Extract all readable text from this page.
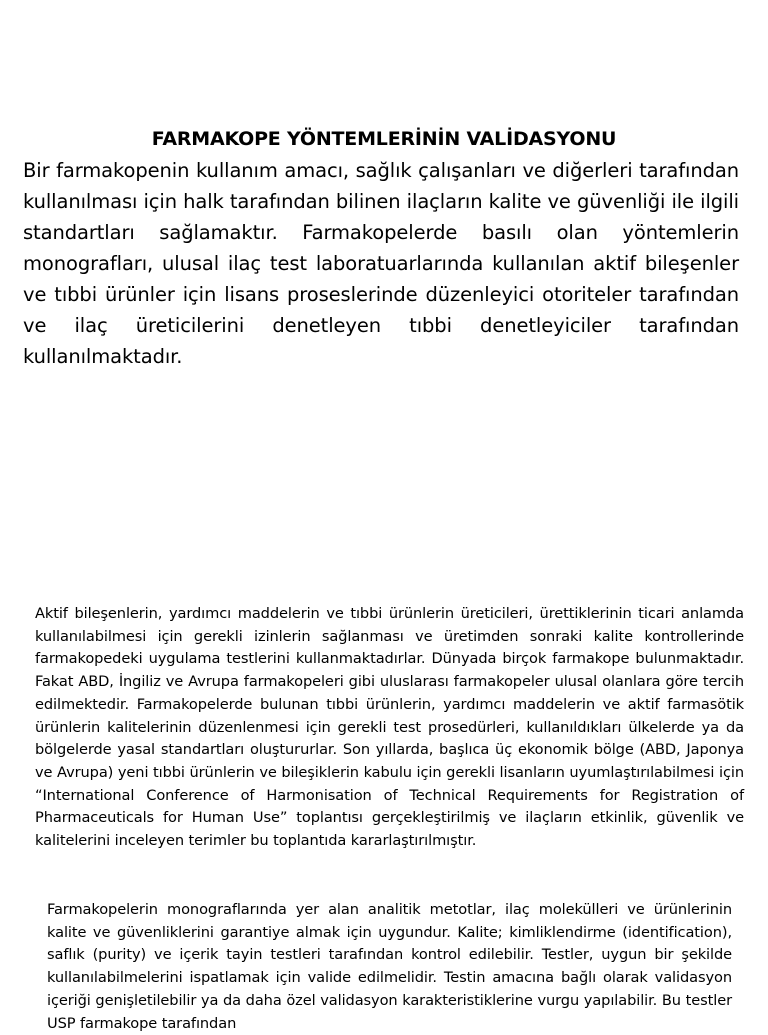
FARMAKOPE YÖNTEMLERİNİN VALİDASYONU
Bir farmakopenin kullanım amacı, sağlık çalışanları ve diğerleri tarafından kullanılması için halk tarafından bilinen ilaçların kalite ve güvenliği ile ilgili standartları sağlamaktır. Farmakopelerde basılı olan yöntemlerin monografları, ulusal ilaç test laboratuarlarında kullanılan aktif bileşenler ve tıbbi ürünler için lisans proseslerinde düzenleyici otoriteler tarafından ve ilaç üreticilerini denetleyen tıbbi denetleyiciler tarafından kullanılmaktadır.
Aktif bileşenlerin, yardımcı maddelerin ve tıbbi ürünlerin üreticileri, ürettiklerinin ticari anlamda kullanılabilmesi için gerekli izinlerin sağlanması ve üretimden sonraki kalite kontrollerinde farmakopedeki uygulama testlerini kullanmaktadırlar. Dünyada birçok farmakope bulunmaktadır. Fakat ABD, İngiliz ve Avrupa farmakopeleri gibi uluslarası farmakopeler ulusal olanlara göre tercih edilmektedir. Farmakopelerde bulunan tıbbi ürünlerin, yardımcı maddelerin ve aktif farmasötik ürünlerin kalitelerinin düzenlenmesi için gerekli test prosedürleri, kullanıldıkları ülkelerde ya da bölgelerde yasal standartları oluştururlar. Son yıllarda, başlıca üç ekonomik bölge (ABD, Japonya ve Avrupa) yeni tıbbi ürünlerin ve bileşiklerin kabulu için gerekli lisanların uyumlaştırılabilmesi için “International Conference of Harmonisation of Technical Requirements for Registration of Pharmaceuticals for Human Use” toplantısı gerçekleştirilmiş ve ilaçların etkinlik, güvenlik ve kalitelerini inceleyen terimler bu toplantıda kararlaştırılmıştır.
Farmakopelerin monograflarında yer alan analitik metotlar, ilaç molekülleri ve ürünlerinin kalite ve güvenliklerini garantiye almak için uygundur. Kalite; kimliklendirme (identification), saflık (purity) ve içerik tayin testleri tarafından kontrol edilebilir. Testler, uygun bir şekilde kullanılabilmelerini ispatlamak için valide edilmelidir. Testin amacına bağlı olarak validasyon içeriği genişletilebilir ya da daha özel validasyon karakteristiklerine vurgu yapılabilir. Bu testler USP farmakope tarafından
